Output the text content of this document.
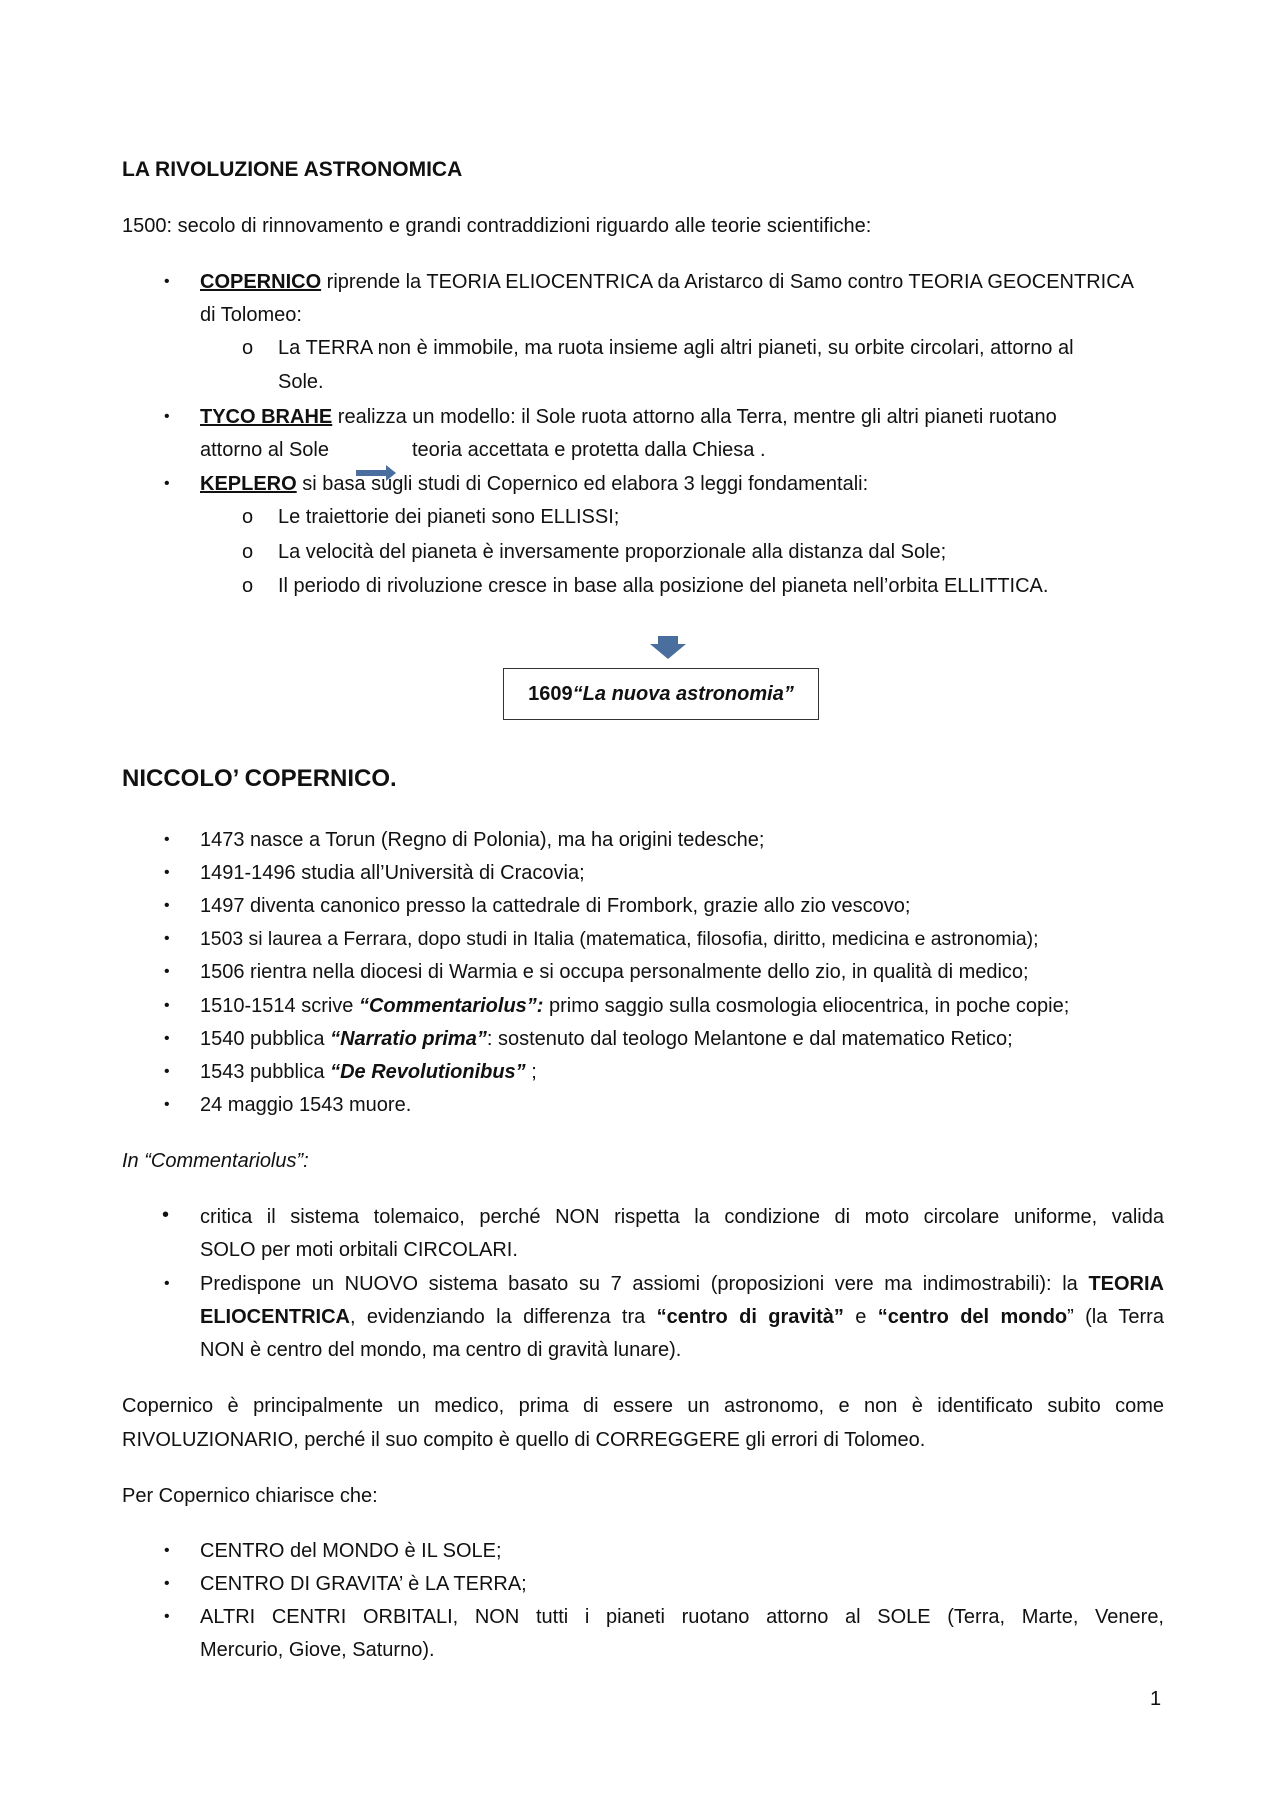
LA RIVOLUZIONE ASTRONOMICA
1500: secolo di rinnovamento e grandi contraddizioni riguardo alle teorie scientifiche:
• COPERNICO riprende la TEORIA ELIOCENTRICA da Aristarco di Samo contro TEORIA GEOCENTRICA
di Tolomeo:
o La TERRA non è immobile, ma ruota insieme agli altri pianeti, su orbite circolari, attorno al
Sole.
• TYCO BRAHE realizza un modello: il Sole ruota attorno alla Terra, mentre gli altri pianeti ruotano
attorno al Sole	teoria accettata e protetta dalla Chiesa .
• KEPLERO si basa sugli studi di Copernico ed elabora 3 leggi fondamentali:
o Le traiettorie dei pianeti sono ELLISSI;
o La velocità del pianeta è inversamente proporzionale alla distanza dal Sole;
o Il periodo di rivoluzione cresce in base alla posizione del pianeta nell’orbita ELLITTICA.
1609 “La nuova astronomia”
NICCOLO’ COPERNICO.
• 1473 nasce a Torun (Regno di Polonia), ma ha origini tedesche;
• 1491-1496 studia all’Università di Cracovia;
• 1497 diventa canonico presso la cattedrale di Frombork, grazie allo zio vescovo;
• 1503 si laurea a Ferrara, dopo studi in Italia (matematica, filosofia, diritto, medicina e astronomia);
• 1506 rientra nella diocesi di Warmia e si occupa personalmente dello zio, in qualità di medico;
• 1510-1514 scrive “Commentariolus”: primo saggio sulla cosmologia eliocentrica, in poche copie;
• 1540 pubblica “Narratio prima”: sostenuto dal teologo Melantone e dal matematico Retico;
• 1543 pubblica “De Revolutionibus” ;
• 24 maggio 1543 muore.
In “Commentariolus”:
• critica il sistema tolemaico, perché NON rispetta la condizione di moto circolare uniforme, valida
SOLO per moti orbitali CIRCOLARI.
• Predispone un NUOVO sistema basato su 7 assiomi (proposizioni vere ma indimostrabili): la TEORIA
ELIOCENTRICA, evidenziando la differenza tra “centro di gravità” e “centro del mondo” (la Terra
NON è centro del mondo, ma centro di gravità lunare).
Copernico è principalmente un medico, prima di essere un astronomo, e non è identificato subito come
RIVOLUZIONARIO, perché il suo compito è quello di CORREGGERE gli errori di Tolomeo.
Per Copernico chiarisce che:
• CENTRO del MONDO è IL SOLE;
• CENTRO DI GRAVITA’ è LA TERRA;
• ALTRI CENTRI ORBITALI, NON tutti i pianeti ruotano attorno al SOLE (Terra, Marte, Venere,
Mercurio, Giove, Saturno).
1
